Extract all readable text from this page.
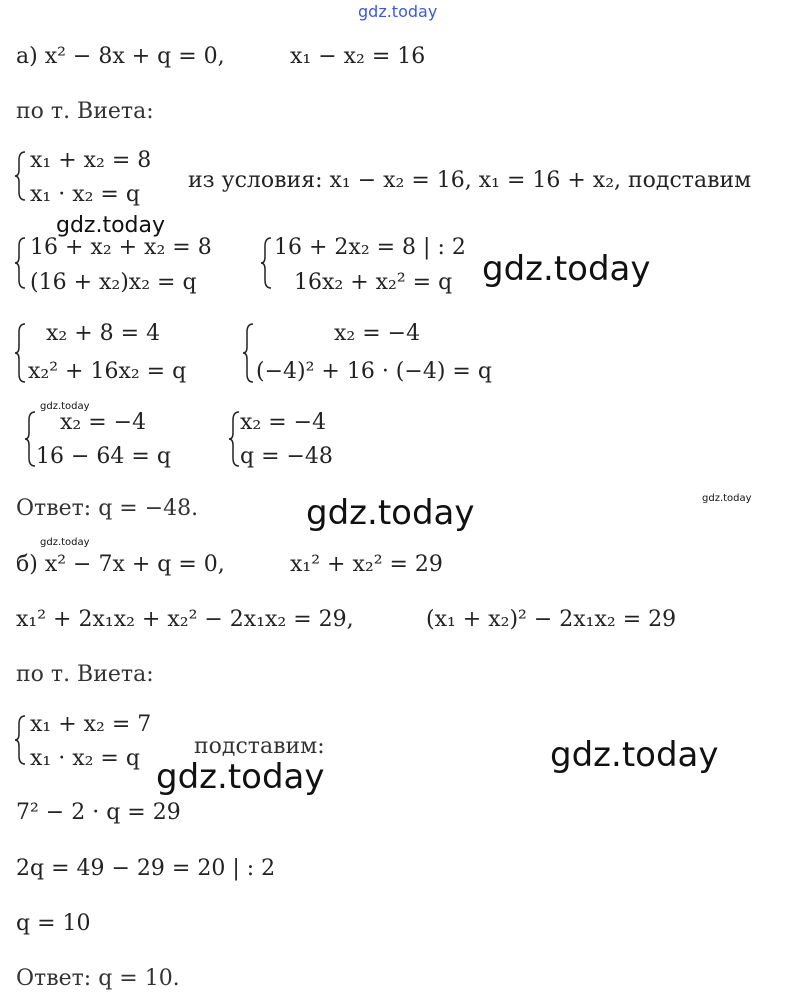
gdz.today
а) x² − 8x + q = 0,	x₁ − x₂ = 16
по т. Виета:
x₁ + x₂ = 8
x₁ · x₂ = q
из условия: x₁ − x₂ = 16, x₁ = 16 + x₂, подставим
gdz.today
16 + x₂ + x₂ = 8
(16 + x₂)x₂ = q
16 + 2x₂ = 8 | : 2
16x₂ + x₂² = q gdz.today
x₂ + 8 = 4
x₂² + 16x₂ = q
x₂ = −4
(−4)² + 16 · (−4) = q
gdz.today
x₂ = −4
16 − 64 = q
x₂ = −4
q = −48
Ответ: q = −48.	gdz.today	gdz.today
gdz.today
б) x² − 7x + q = 0,	x₁² + x₂² = 29
x₁² + 2x₁x₂ + x₂² − 2x₁x₂ = 29,	(x₁ + x₂)² − 2x₁x₂ = 29
по т. Виета:
x₁ + x₂ = 7
x₁ · x₂ = q подставим:
gdz.today
gdz.today
7² − 2 · q = 29
2q = 49 − 29 = 20 | : 2
q = 10
Ответ: q = 10.
